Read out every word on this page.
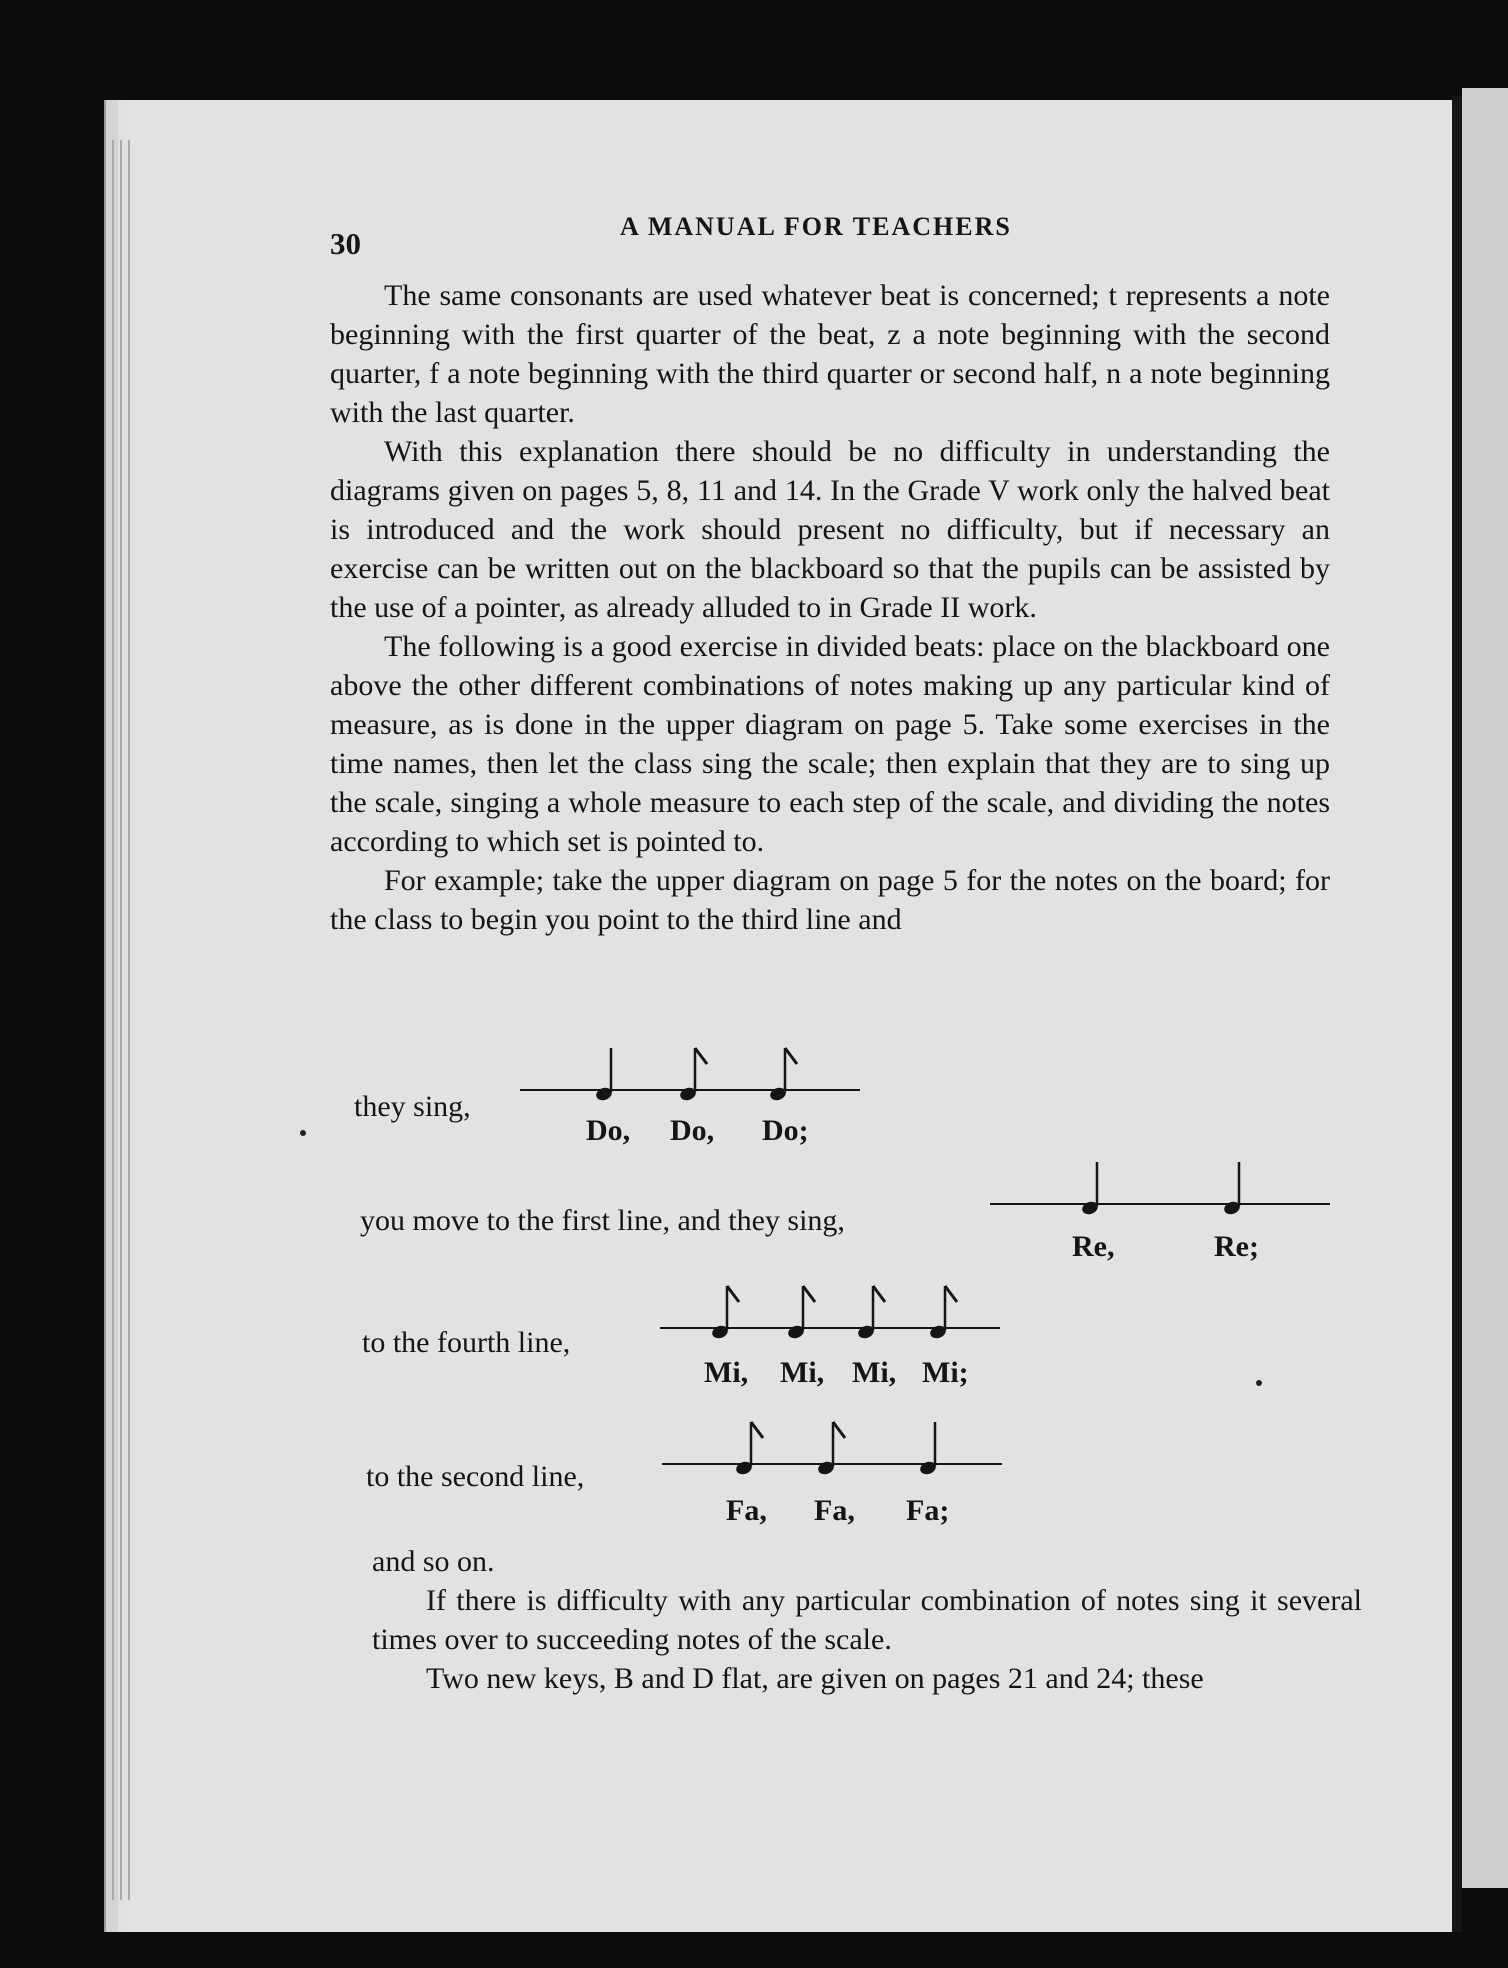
30	A MANUAL FOR TEACHERS

The same consonants are used whatever beat is concerned; t represents a note beginning with the first quarter of the beat, z a note beginning with the second quarter, f a note beginning with the third quarter or second half, n a note beginning with the last quarter.

With this explanation there should be no difficulty in understanding the diagrams given on pages 5, 8, 11 and 14. In the Grade V work only the halved beat is introduced and the work should present no difficulty, but if necessary an exercise can be written out on the blackboard so that the pupils can be assisted by the use of a pointer, as already alluded to in Grade II work.

The following is a good exercise in divided beats: place on the blackboard one above the other different combinations of notes making up any particular kind of measure, as is done in the upper diagram on page 5. Take some exercises in the time names, then let the class sing the scale; then explain that they are to sing up the scale, singing a whole measure to each step of the scale, and dividing the notes according to which set is pointed to.

For example; take the upper diagram on page 5 for the notes on the board; for the class to begin you point to the third line and

they sing,
Do, Do, Do;
you move to the first line, and they sing,
Re,	Re;
to the fourth line,
Mi, Mi, Mi, Mi;
to the second line,
Fa, Fa, Fa;

and so on.

If there is difficulty with any particular combination of notes sing it several times over to succeeding notes of the scale.

Two new keys, B and D flat, are given on pages 21 and 24; these
